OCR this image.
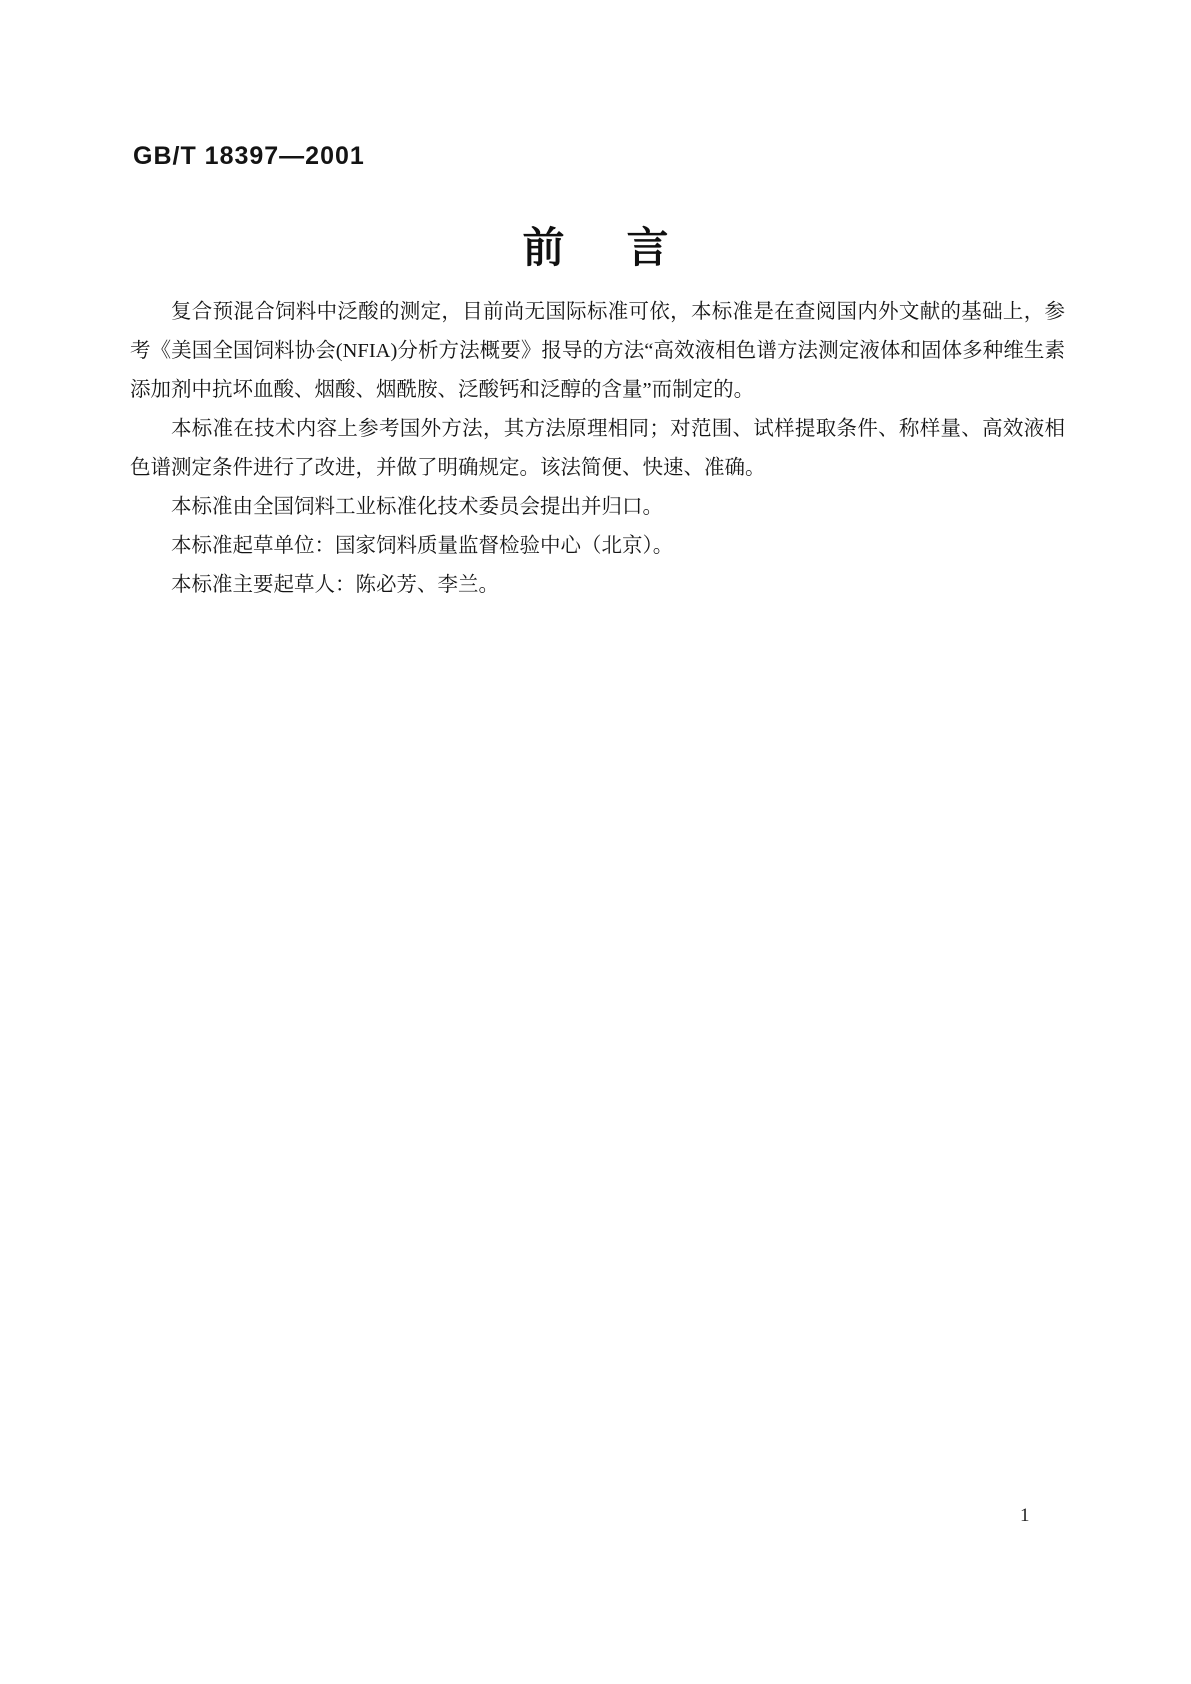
GB/T 18397—2001
前 言

复合预混合饲料中泛酸的测定，目前尚无国际标准可依，本标准是在查阅国内外文献的基础上，参考《美国全国饲料协会(NFIA)分析方法概要》报导的方法“高效液相色谱方法测定液体和固体多种维生素添加剂中抗坏血酸、烟酸、烟酰胺、泛酸钙和泛醇的含量”而制定的。

本标准在技术内容上参考国外方法，其方法原理相同；对范围、试样提取条件、称样量、高效液相色谱测定条件进行了改进，并做了明确规定。该法简便、快速、准确。

本标准由全国饲料工业标准化技术委员会提出并归口。

本标准起草单位：国家饲料质量监督检验中心（北京）。

本标准主要起草人：陈必芳、李兰。

1
